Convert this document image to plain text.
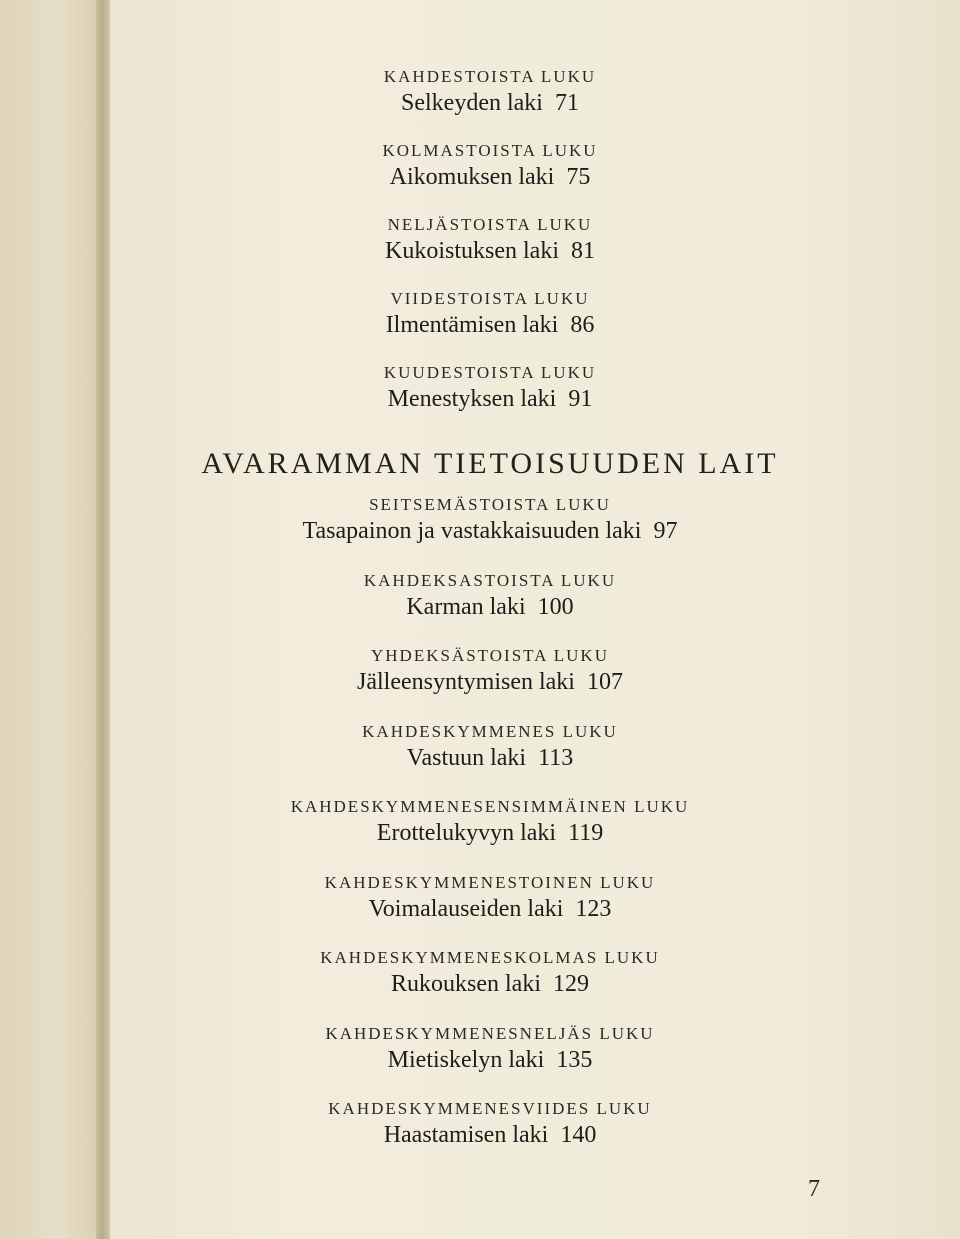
KAHDESTOISTA LUKU
Selkeyden laki 71
KOLMASTOISTA LUKU
Aikomuksen laki 75
NELJÄSTOISTA LUKU
Kukoistuksen laki 81
VIIDESTOISTA LUKU
Ilmentämisen laki 86
KUUDESTOISTA LUKU
Menestyksen laki 91
AVARAMMAN TIETOISUUDEN LAIT
SEITSEMÄSTOISTA LUKU
Tasapainon ja vastakkaisuuden laki 97
KAHDEKSASTOISTA LUKU
Karman laki 100
YHDEKSÄSTOISTA LUKU
Jälleensyntymisen laki 107
KAHDESKYMMENES LUKU
Vastuun laki 113
KAHDESKYMMENESENSIMMÄINEN LUKU
Erottelukyvyn laki 119
KAHDESKYMMENESTOINEN LUKU
Voimalauseiden laki 123
KAHDESKYMMENESKOLMAS LUKU
Rukouksen laki 129
KAHDESKYMMENESNELJÄS LUKU
Mietiskelyn laki 135
KAHDESKYMMENESVIIDES LUKU
Haastamisen laki 140
7
